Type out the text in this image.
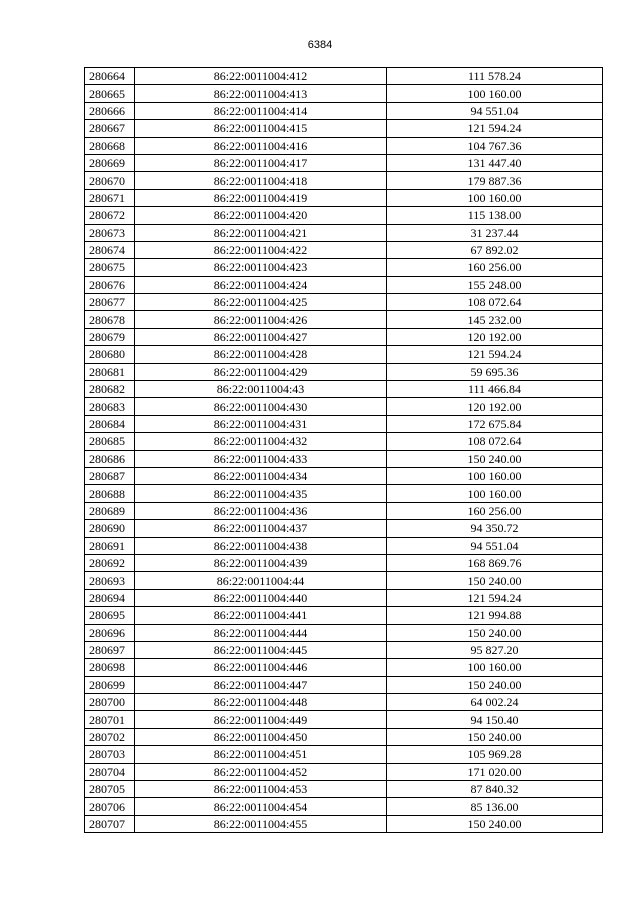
6384
280664	86:22:0011004:412	111 578.24
280665	86:22:0011004:413	100 160.00
280666	86:22:0011004:414	94 551.04
280667	86:22:0011004:415	121 594.24
280668	86:22:0011004:416	104 767.36
280669	86:22:0011004:417	131 447.40
280670	86:22:0011004:418	179 887.36
280671	86:22:0011004:419	100 160.00
280672	86:22:0011004:420	115 138.00
280673	86:22:0011004:421	31 237.44
280674	86:22:0011004:422	67 892.02
280675	86:22:0011004:423	160 256.00
280676	86:22:0011004:424	155 248.00
280677	86:22:0011004:425	108 072.64
280678	86:22:0011004:426	145 232.00
280679	86:22:0011004:427	120 192.00
280680	86:22:0011004:428	121 594.24
280681	86:22:0011004:429	59 695.36
280682	86:22:0011004:43	111 466.84
280683	86:22:0011004:430	120 192.00
280684	86:22:0011004:431	172 675.84
280685	86:22:0011004:432	108 072.64
280686	86:22:0011004:433	150 240.00
280687	86:22:0011004:434	100 160.00
280688	86:22:0011004:435	100 160.00
280689	86:22:0011004:436	160 256.00
280690	86:22:0011004:437	94 350.72
280691	86:22:0011004:438	94 551.04
280692	86:22:0011004:439	168 869.76
280693	86:22:0011004:44	150 240.00
280694	86:22:0011004:440	121 594.24
280695	86:22:0011004:441	121 994.88
280696	86:22:0011004:444	150 240.00
280697	86:22:0011004:445	95 827.20
280698	86:22:0011004:446	100 160.00
280699	86:22:0011004:447	150 240.00
280700	86:22:0011004:448	64 002.24
280701	86:22:0011004:449	94 150.40
280702	86:22:0011004:450	150 240.00
280703	86:22:0011004:451	105 969.28
280704	86:22:0011004:452	171 020.00
280705	86:22:0011004:453	87 840.32
280706	86:22:0011004:454	85 136.00
280707	86:22:0011004:455	150 240.00
